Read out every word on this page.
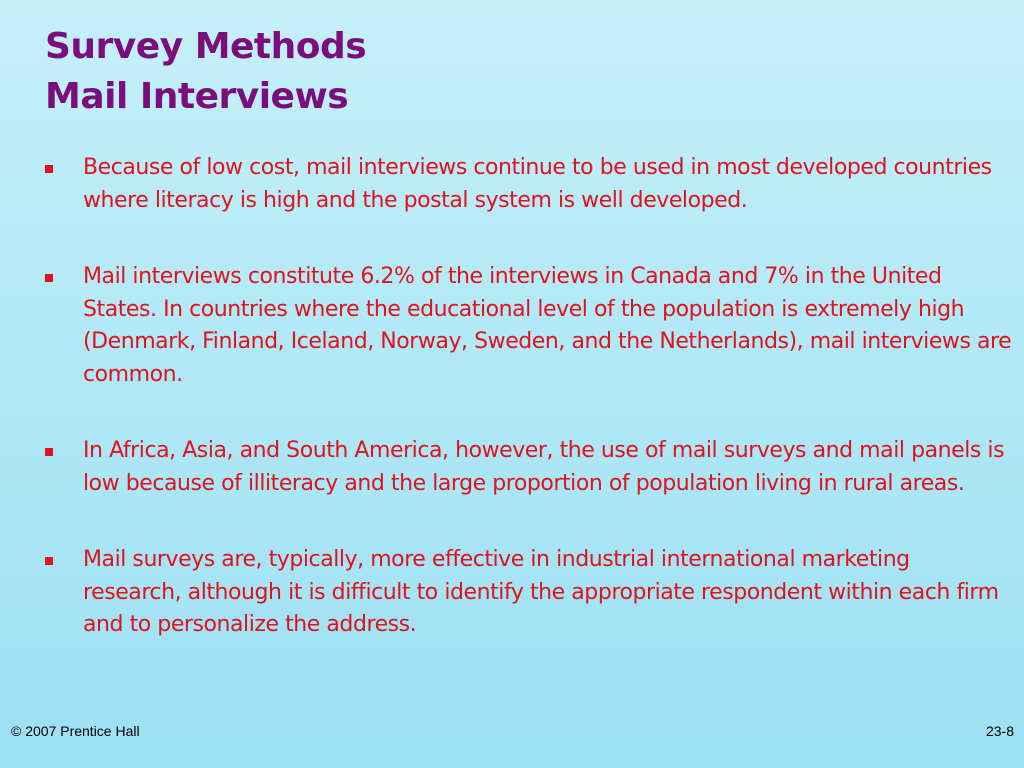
Survey Methods
Mail Interviews
Because of low cost, mail interviews continue to be used in most developed countries where literacy is high and the postal system is well developed.
Mail interviews constitute 6.2% of the interviews in Canada and 7% in the United States. In countries where the educational level of the population is extremely high (Denmark, Finland, Iceland, Norway, Sweden, and the Netherlands), mail interviews are common.
In Africa, Asia, and South America, however, the use of mail surveys and mail panels is low because of illiteracy and the large proportion of population living in rural areas.
Mail surveys are, typically, more effective in industrial international marketing research, although it is difficult to identify the appropriate respondent within each firm and to personalize the address.
© 2007 Prentice Hall	23-8
